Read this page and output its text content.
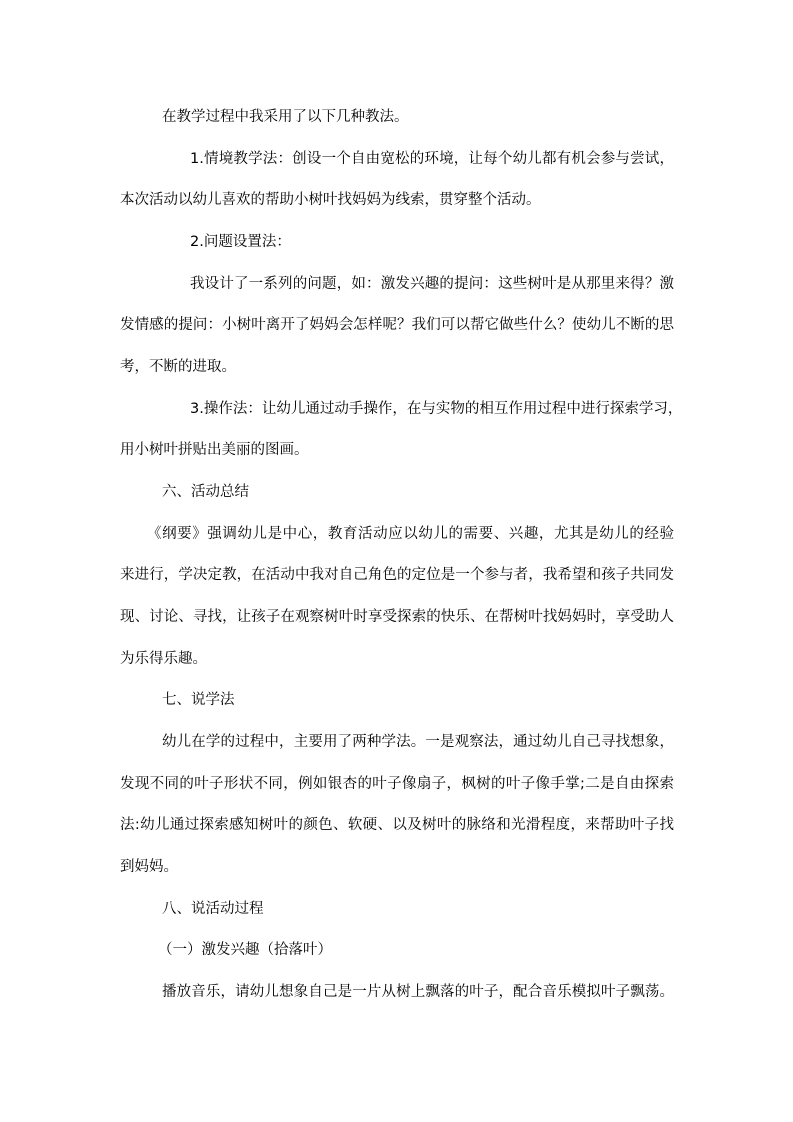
在教学过程中我采用了以下几种教法。
1.情境教学法：创设一个自由宽松的环境，让每个幼儿都有机会参与尝试，
本次活动以幼儿喜欢的帮助小树叶找妈妈为线索，贯穿整个活动。
2.问题设置法：
我设计了一系列的问题，如：激发兴趣的提问：这些树叶是从那里来得？激
发情感的提问：小树叶离开了妈妈会怎样呢？我们可以帮它做些什么？使幼儿不断的思
考，不断的进取。
3.操作法：让幼儿通过动手操作，在与实物的相互作用过程中进行探索学习，
用小树叶拼贴出美丽的图画。
六、活动总结
《纲要》强调幼儿是中心，教育活动应以幼儿的需要、兴趣，尤其是幼儿的经验
来进行，学决定教，在活动中我对自己角色的定位是一个参与者，我希望和孩子共同发
现、讨论、寻找，让孩子在观察树叶时享受探索的快乐、在帮树叶找妈妈时，享受助人
为乐得乐趣。
七、说学法
幼儿在学的过程中，主要用了两种学法。一是观察法，通过幼儿自己寻找想象，
发现不同的叶子形状不同，例如银杏的叶子像扇子，枫树的叶子像手掌;二是自由探索
法:幼儿通过探索感知树叶的颜色、软硬、以及树叶的脉络和光滑程度，来帮助叶子找
到妈妈。
八、说活动过程
（一）激发兴趣（拾落叶）
播放音乐，请幼儿想象自己是一片从树上飘落的叶子，配合音乐模拟叶子飘荡。
